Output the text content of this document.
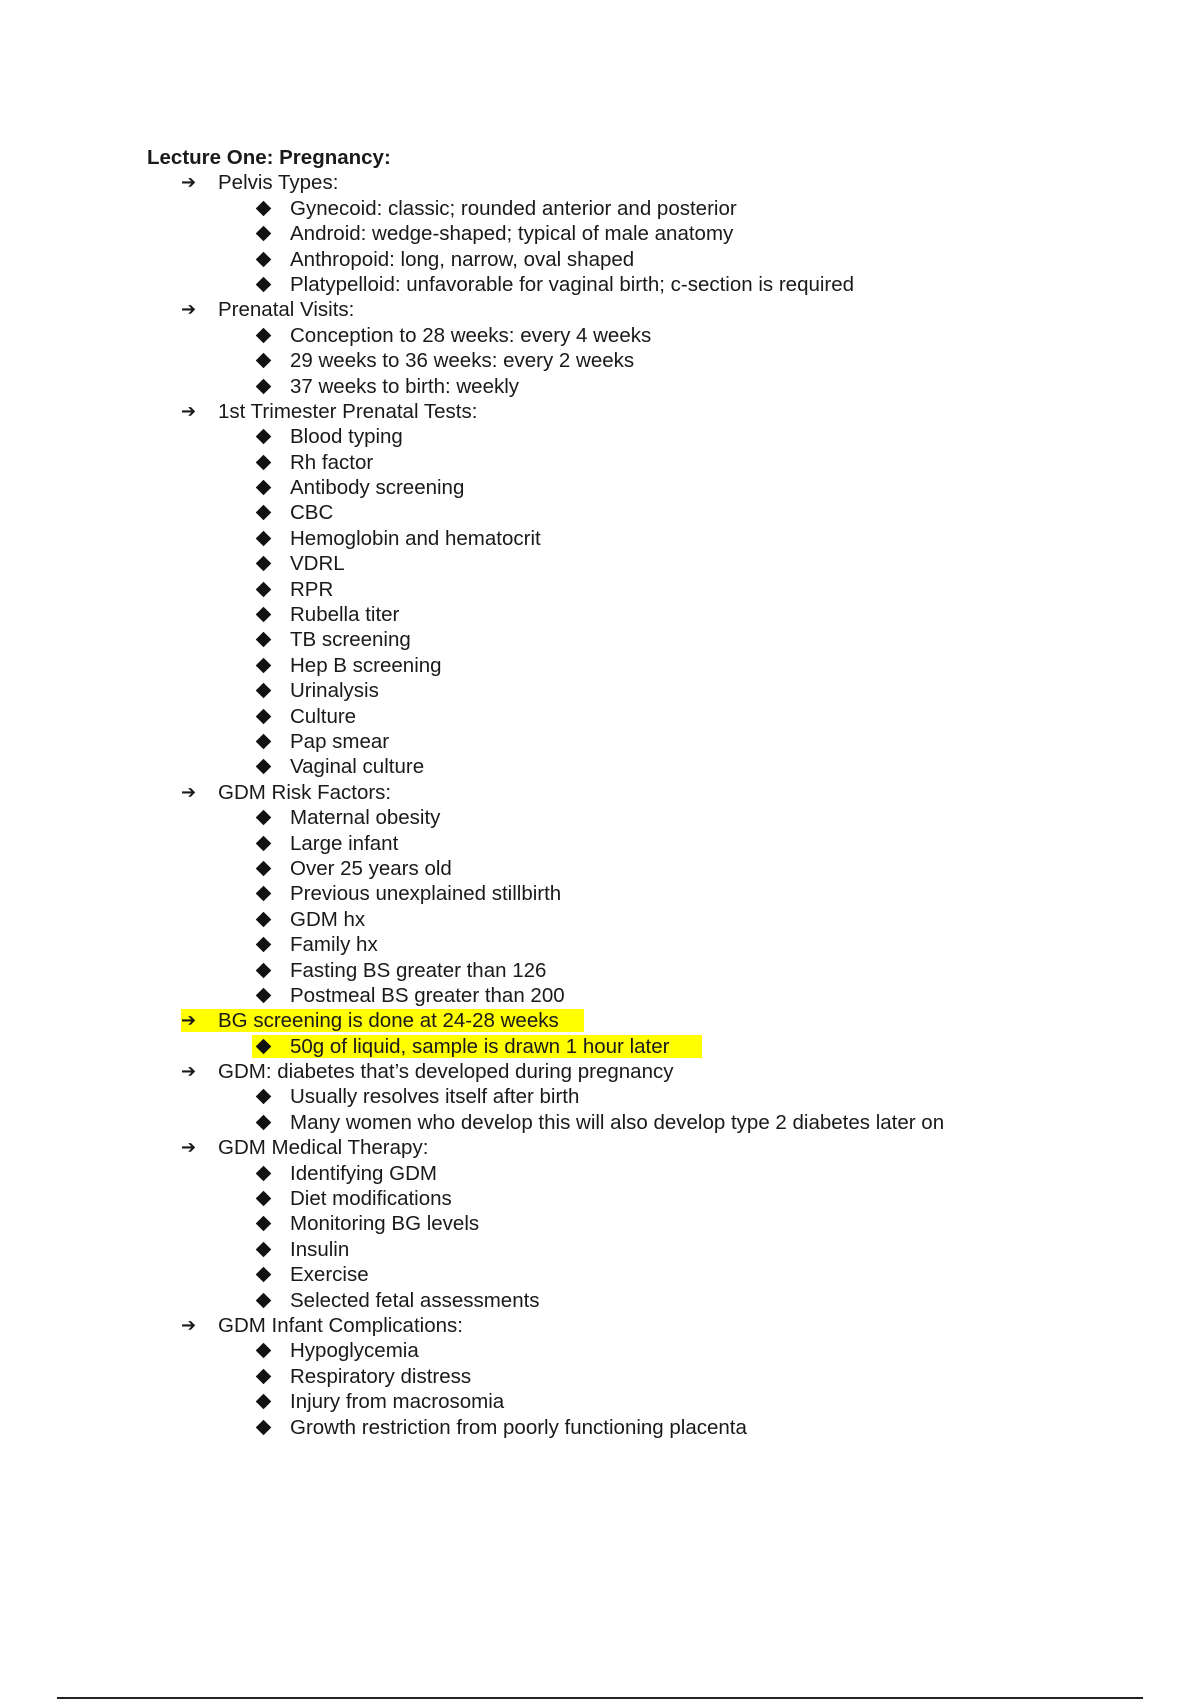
Lecture One: Pregnancy:
➔ Pelvis Types:
Gynecoid: classic; rounded anterior and posterior
Android: wedge-shaped; typical of male anatomy
Anthropoid: long, narrow, oval shaped
Platypelloid: unfavorable for vaginal birth; c-section is required
➔ Prenatal Visits:
Conception to 28 weeks: every 4 weeks
29 weeks to 36 weeks: every 2 weeks
37 weeks to birth: weekly
➔ 1st Trimester Prenatal Tests:
Blood typing
Rh factor
Antibody screening
CBC
Hemoglobin and hematocrit
VDRL
RPR
Rubella titer
TB screening
Hep B screening
Urinalysis
Culture
Pap smear
Vaginal culture
➔ GDM Risk Factors:
Maternal obesity
Large infant
Over 25 years old
Previous unexplained stillbirth
GDM hx
Family hx
Fasting BS greater than 126
Postmeal BS greater than 200
➔ BG screening is done at 24-28 weeks
50g of liquid, sample is drawn 1 hour later
➔ GDM: diabetes that’s developed during pregnancy
Usually resolves itself after birth
Many women who develop this will also develop type 2 diabetes later on
➔ GDM Medical Therapy:
Identifying GDM
Diet modifications
Monitoring BG levels
Insulin
Exercise
Selected fetal assessments
➔ GDM Infant Complications:
Hypoglycemia
Respiratory distress
Injury from macrosomia
Growth restriction from poorly functioning placenta
